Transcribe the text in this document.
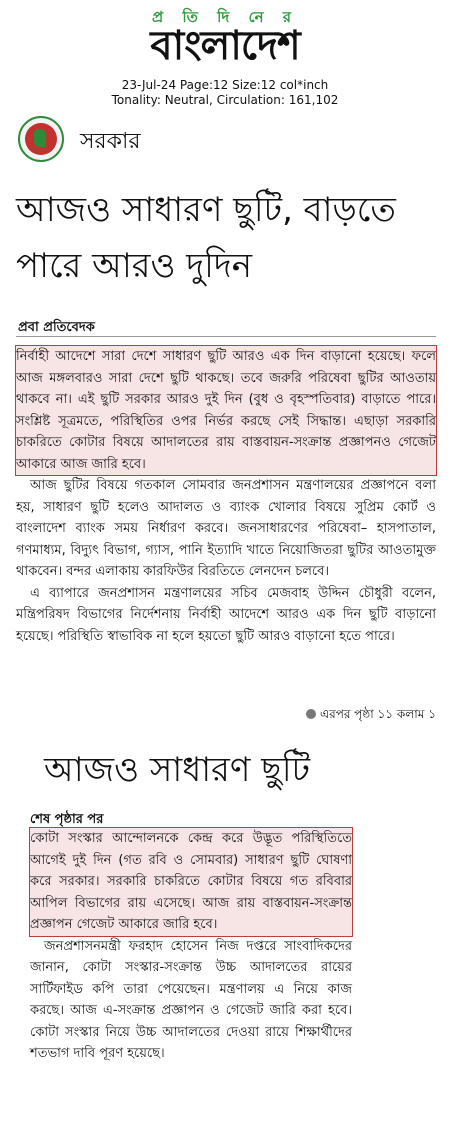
প্র তি দি নে র
বাংলাদেশ
23-Jul-24 Page:12 Size:12 col*inch
Tonality: Neutral, Circulation: 161,102
সরকার
আজও সাধারণ ছুটি, বাড়তে পারে আরও দুদিন
প্রবা প্রতিবেদক

নির্বাহী আদেশে সারা দেশে সাধারণ ছুটি আরও এক দিন বাড়ানো হয়েছে। ফলে আজ মঙ্গলবারও সারা দেশে ছুটি থাকছে। তবে জরুরি পরিষেবা ছুটির আওতায় থাকবে না। এই ছুটি সরকার আরও দুই দিন (বুধ ও বৃহস্পতিবার) বাড়াতে পারে। সংশ্লিষ্ট সূত্রমতে, পরিস্থিতির ওপর নির্ভর করছে সেই সিদ্ধান্ত। এছাড়া সরকারি চাকরিতে কোটার বিষয়ে আদালতের রায় বাস্তবায়ন-সংক্রান্ত প্রজ্ঞাপনও গেজেট আকারে আজ জারি হবে।

আজ ছুটির বিষয়ে গতকাল সোমবার জনপ্রশাসন মন্ত্রণালয়ের প্রজ্ঞাপনে বলা হয়, সাধারণ ছুটি হলেও আদালত ও ব্যাংক খোলার বিষয়ে সুপ্রিম কোর্ট ও বাংলাদেশ ব্যাংক সময় নির্ধারণ করবে। জনসাধারণের পরিষেবা– হাসপাতাল, গণমাধ্যম, বিদ্যুৎ বিভাগ, গ্যাস, পানি ইত্যাদি খাতে নিয়োজিতরা ছুটির আওতামুক্ত থাকবেন। বন্দর এলাকায় কারফিউর বিরতিতে লেনদেন চলবে।

এ ব্যাপারে জনপ্রশাসন মন্ত্রণালয়ের সচিব মেজবাহ উদ্দিন চৌধুরী বলেন, মন্ত্রিপরিষদ বিভাগের নির্দেশনায় নির্বাহী আদেশে আরও এক দিন ছুটি বাড়ানো হয়েছে। পরিস্থিতি স্বাভাবিক না হলে হয়তো ছুটি আরও বাড়ানো হতে পারে।

এরপর পৃষ্ঠা ১১ কলাম ১
আজও সাধারণ ছুটি
শেষ পৃষ্ঠার পর

কোটা সংস্কার আন্দোলনকে কেন্দ্র করে উদ্ভূত পরিস্থিতিতে আগেই দুই দিন (গত রবি ও সোমবার) সাধারণ ছুটি ঘোষণা করে সরকার। সরকারি চাকরিতে কোটার বিষয়ে গত রবিবার আপিল বিভাগের রায় এসেছে। আজ রায় বাস্তবায়ন-সংক্রান্ত প্রজ্ঞাপন গেজেট আকারে জারি হবে।

জনপ্রশাসনমন্ত্রী ফরহাদ হোসেন নিজ দপ্তরে সাংবাদিকদের জানান, কোটা সংস্কার-সংক্রান্ত উচ্চ আদালতের রায়ের সার্টিফাইড কপি তারা পেয়েছেন। মন্ত্রণালয় এ নিয়ে কাজ করছে। আজ এ-সংক্রান্ত প্রজ্ঞাপন ও গেজেট জারি করা হবে। কোটা সংস্কার নিয়ে উচ্চ আদালতের দেওয়া রায়ে শিক্ষার্থীদের শতভাগ দাবি পূরণ হয়েছে।
